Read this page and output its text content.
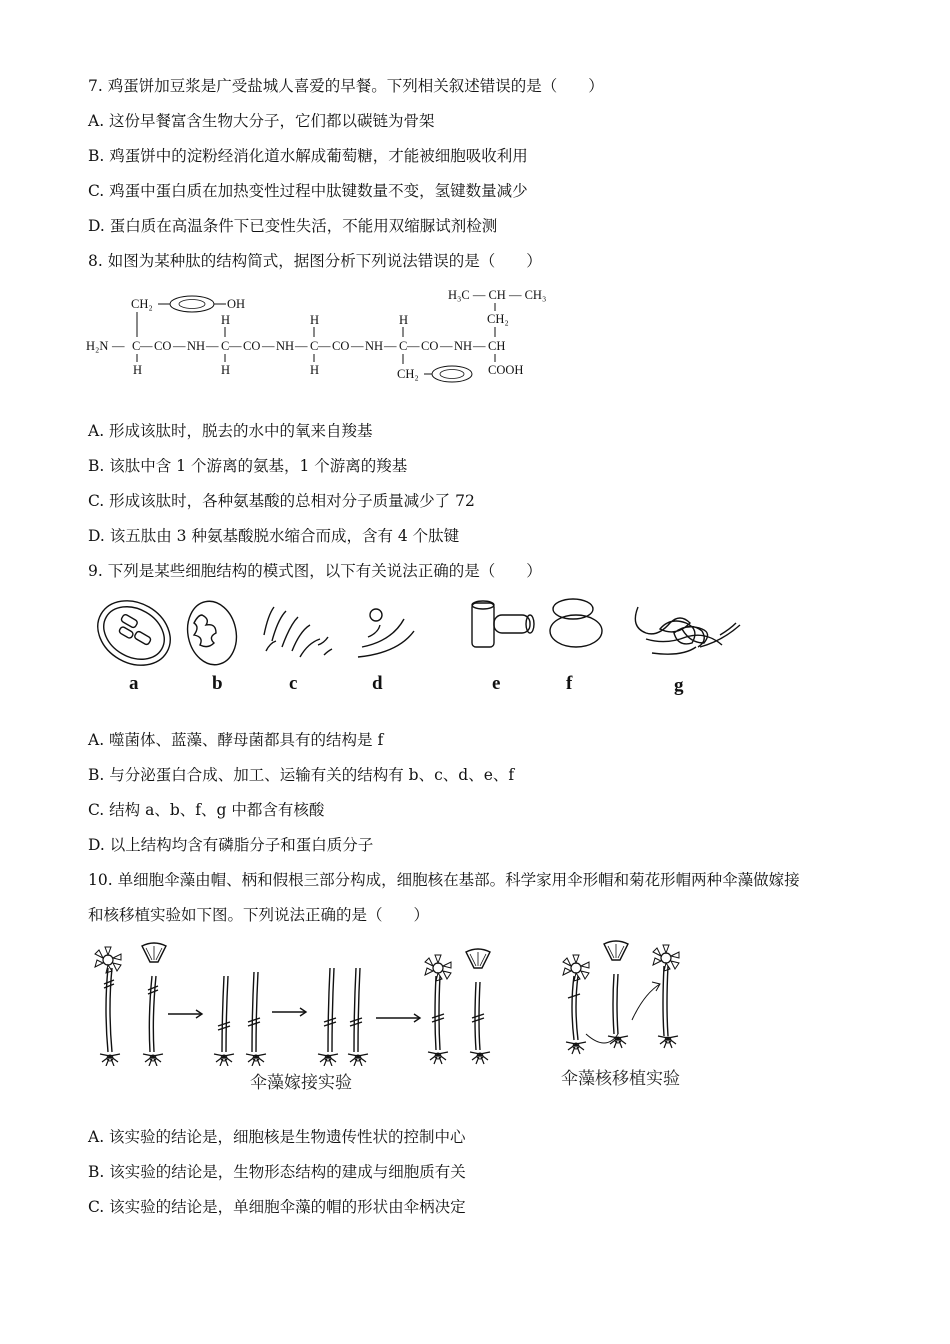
7. 鸡蛋饼加豆浆是广受盐城人喜爱的早餐。下列相关叙述错误的是（　　）
A. 这份早餐富含生物大分子，它们都以碳链为骨架
B. 鸡蛋饼中的淀粉经消化道水解成葡萄糖，才能被细胞吸收利用
C. 鸡蛋中蛋白质在加热变性过程中肽键数量不变，氢键数量减少
D. 蛋白质在高温条件下已变性失活，不能用双缩脲试剂检测
8. 如图为某种肽的结构简式，据图分析下列说法错误的是（　　）
H₃C — CH — CH₃
CH₂
CH₂	OH
H	H	H
H₂N — C — CO — NH — C — CO — NH — C — CO — NH — C — CO — NH — CH
H	H	H	CH₂	COOH
A. 形成该肽时，脱去的水中的氧来自羧基
B. 该肽中含 1 个游离的氨基，1 个游离的羧基
C. 形成该肽时，各种氨基酸的总相对分子质量减少了 72
D. 该五肽由 3 种氨基酸脱水缩合而成，含有 4 个肽键
9. 下列是某些细胞结构的模式图，以下有关说法正确的是（　　）
a	b	c	d	e	f	g
A. 噬菌体、蓝藻、酵母菌都具有的结构是 f
B. 与分泌蛋白合成、加工、运输有关的结构有 b、c、d、e、f
C. 结构 a、b、f、g 中都含有核酸
D. 以上结构均含有磷脂分子和蛋白质分子
10. 单细胞伞藻由帽、柄和假根三部分构成，细胞核在基部。科学家用伞形帽和菊花形帽两种伞藻做嫁接
和核移植实验如下图。下列说法正确的是（　　）
伞藻嫁接实验	伞藻核移植实验
A. 该实验的结论是，细胞核是生物遗传性状的控制中心
B. 该实验的结论是，生物形态结构的建成与细胞质有关
C. 该实验的结论是，单细胞伞藻的帽的形状由伞柄决定
